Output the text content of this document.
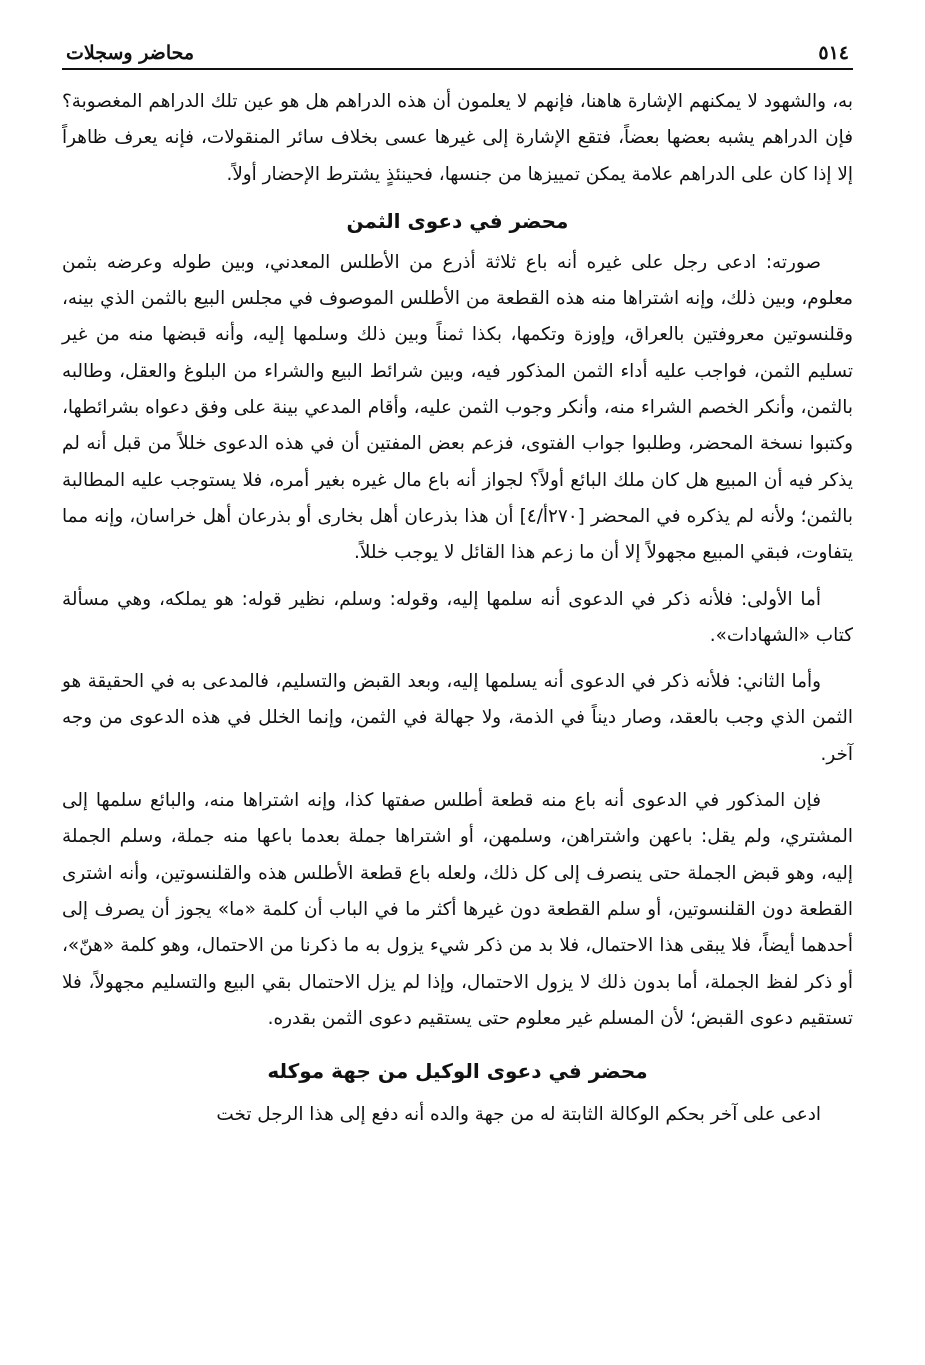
٥١٤
محاضر وسجلات

به، والشهود لا يمكنهم الإشارة هاهنا، فإنهم لا يعلمون أن هذه الدراهم هل هو عين تلك الدراهم المغصوبة؟ فإن الدراهم يشبه بعضها بعضاً، فتقع الإشارة إلى غيرها عسى بخلاف سائر المنقولات، فإنه يعرف ظاهراً إلا إذا كان على الدراهم علامة يمكن تمييزها من جنسها، فحينئذٍ يشترط الإحضار أولاً.

محضر في دعوى الثمن

صورته: ادعى رجل على غيره أنه باع ثلاثة أذرع من الأطلس المعدني، وبين طوله وعرضه بثمن معلوم، وبين ذلك، وإنه اشتراها منه هذه القطعة من الأطلس الموصوف في مجلس البيع بالثمن الذي بينه، وقلنسوتين معروفتين بالعراق، وإوزة وتكمها، بكذا ثمناً وبين ذلك وسلمها إليه، وأنه قبضها منه من غير تسليم الثمن، فواجب عليه أداء الثمن المذكور فيه، وبين شرائط البيع والشراء من البلوغ والعقل، وطالبه بالثمن، وأنكر الخصم الشراء منه، وأنكر وجوب الثمن عليه، وأقام المدعي بينة على وفق دعواه بشرائطها، وكتبوا نسخة المحضر، وطلبوا جواب الفتوى، فزعم بعض المفتين أن في هذه الدعوى خللاً من قبل أنه لم يذكر فيه أن المبيع هل كان ملك البائع أولاً؟ لجواز أنه باع مال غيره بغير أمره، فلا يستوجب عليه المطالبة بالثمن؛ ولأنه لم يذكره في المحضر [٢٧٠أ/٤] أن هذا بذرعان أهل بخارى أو بذرعان أهل خراسان، وإنه مما يتفاوت، فبقي المبيع مجهولاً إلا أن ما زعم هذا القائل لا يوجب خللاً.

أما الأولى: فلأنه ذكر في الدعوى أنه سلمها إليه، وقوله: وسلم، نظير قوله: هو يملكه، وهي مسألة كتاب «الشهادات».

وأما الثاني: فلأنه ذكر في الدعوى أنه يسلمها إليه، وبعد القبض والتسليم، فالمدعى به في الحقيقة هو الثمن الذي وجب بالعقد، وصار ديناً في الذمة، ولا جهالة في الثمن، وإنما الخلل في هذه الدعوى من وجه آخر.

فإن المذكور في الدعوى أنه باع منه قطعة أطلس صفتها كذا، وإنه اشتراها منه، والبائع سلمها إلى المشتري، ولم يقل: باعهن واشتراهن، وسلمهن، أو اشتراها جملة بعدما باعها منه جملة، وسلم الجملة إليه، وهو قبض الجملة حتى ينصرف إلى كل ذلك، ولعله باع قطعة الأطلس هذه والقلنسوتين، وأنه اشترى القطعة دون القلنسوتين، أو سلم القطعة دون غيرها أكثر ما في الباب أن كلمة «ما» يجوز أن يصرف إلى أحدهما أيضاً، فلا يبقى هذا الاحتمال، فلا بد من ذكر شيء يزول به ما ذكرنا من الاحتمال، وهو كلمة «هنّ»، أو ذكر لفظ الجملة، أما بدون ذلك لا يزول الاحتمال، وإذا لم يزل الاحتمال بقي البيع والتسليم مجهولاً، فلا تستقيم دعوى القبض؛ لأن المسلم غير معلوم حتى يستقيم دعوى الثمن بقدره.

محضر في دعوى الوكيل من جهة موكله

ادعى على آخر بحكم الوكالة الثابتة له من جهة والده أنه دفع إلى هذا الرجل تخت
